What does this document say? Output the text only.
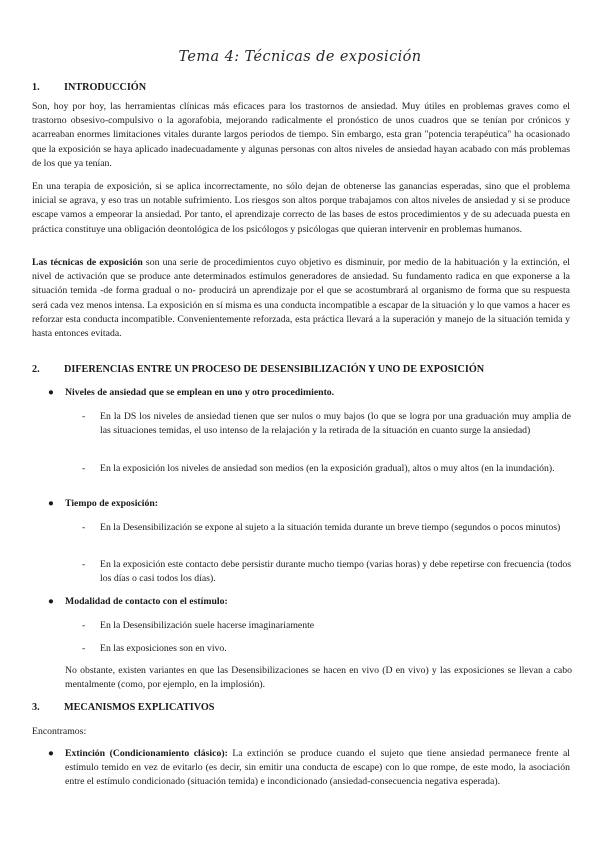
Tema 4: Técnicas de exposición
1. INTRODUCCIÓN

Son, hoy por hoy, las herramientas clínicas más eficaces para los trastornos de ansiedad. Muy útiles en problemas graves como el trastorno obsesivo-compulsivo o la agorafobia, mejorando radicalmente el pronóstico de unos cuadros que se tenían por crónicos y acarreaban enormes limitaciones vitales durante largos periodos de tiempo. Sin embargo, esta gran "potencia terapéutica" ha ocasionado que la exposición se haya aplicado inadecuadamente y algunas personas con altos niveles de ansiedad hayan acabado con más problemas de los que ya tenían.

En una terapia de exposición, si se aplica incorrectamente, no sólo dejan de obtenerse las ganancias esperadas, sino que el problema inicial se agrava, y eso tras un notable sufrimiento. Los riesgos son altos porque trabajamos con altos niveles de ansiedad y si se produce escape vamos a empeorar la ansiedad. Por tanto, el aprendizaje correcto de las bases de estos procedimientos y de su adecuada puesta en práctica constituye una obligación deontológica de los psicólogos y psicólogas que quieran intervenir en problemas humanos.

Las técnicas de exposición son una serie de procedimientos cuyo objetivo es disminuir, por medio de la habituación y la extinción, el nivel de activación que se produce ante determinados estímulos generadores de ansiedad. Su fundamento radica en que exponerse a la situación temida -de forma gradual o no- producirá un aprendizaje por el que se acostumbrará al organismo de forma que su respuesta será cada vez menos intensa. La exposición en sí misma es una conducta incompatible a escapar de la situación y lo que vamos a hacer es reforzar esta conducta incompatible. Convenientemente reforzada, esta práctica llevará a la superación y manejo de la situación temida y hasta entonces evitada.

2. DIFERENCIAS ENTRE UN PROCESO DE DESENSIBILIZACIÓN Y UNO DE EXPOSICIÓN
● Niveles de ansiedad que se emplean en uno y otro procedimiento.
- En la DS los niveles de ansiedad tienen que ser nulos o muy bajos (lo que se logra por una graduación muy amplia de las situaciones temidas, el uso intenso de la relajación y la retirada de la situación en cuanto surge la ansiedad)
- En la exposición los niveles de ansiedad son medios (en la exposición gradual), altos o muy altos (en la inundación).
● Tiempo de exposición:
- En la Desensibilización se expone al sujeto a la situación temida durante un breve tiempo (segundos o pocos minutos)
- En la exposición este contacto debe persistir durante mucho tiempo (varias horas) y debe repetirse con frecuencia (todos los días o casi todos los días).
● Modalidad de contacto con el estímulo:
- En la Desensibilización suele hacerse imaginariamente
- En las exposiciones son en vivo.

No obstante, existen variantes en que las Desensibilizaciones se hacen en vivo (D en vivo) y las exposiciones se llevan a cabo mentalmente (como, por ejemplo, en la implosión).

3. MECANISMOS EXPLICATIVOS

Encontramos:

● Extinción (Condicionamiento clásico): La extinción se produce cuando el sujeto que tiene ansiedad permanece frente al estímulo temido en vez de evitarlo (es decir, sin emitir una conducta de escape) con lo que rompe, de este modo, la asociación entre el estímulo condicionado (situación temida) e incondicionado (ansiedad-consecuencia negativa esperada).
